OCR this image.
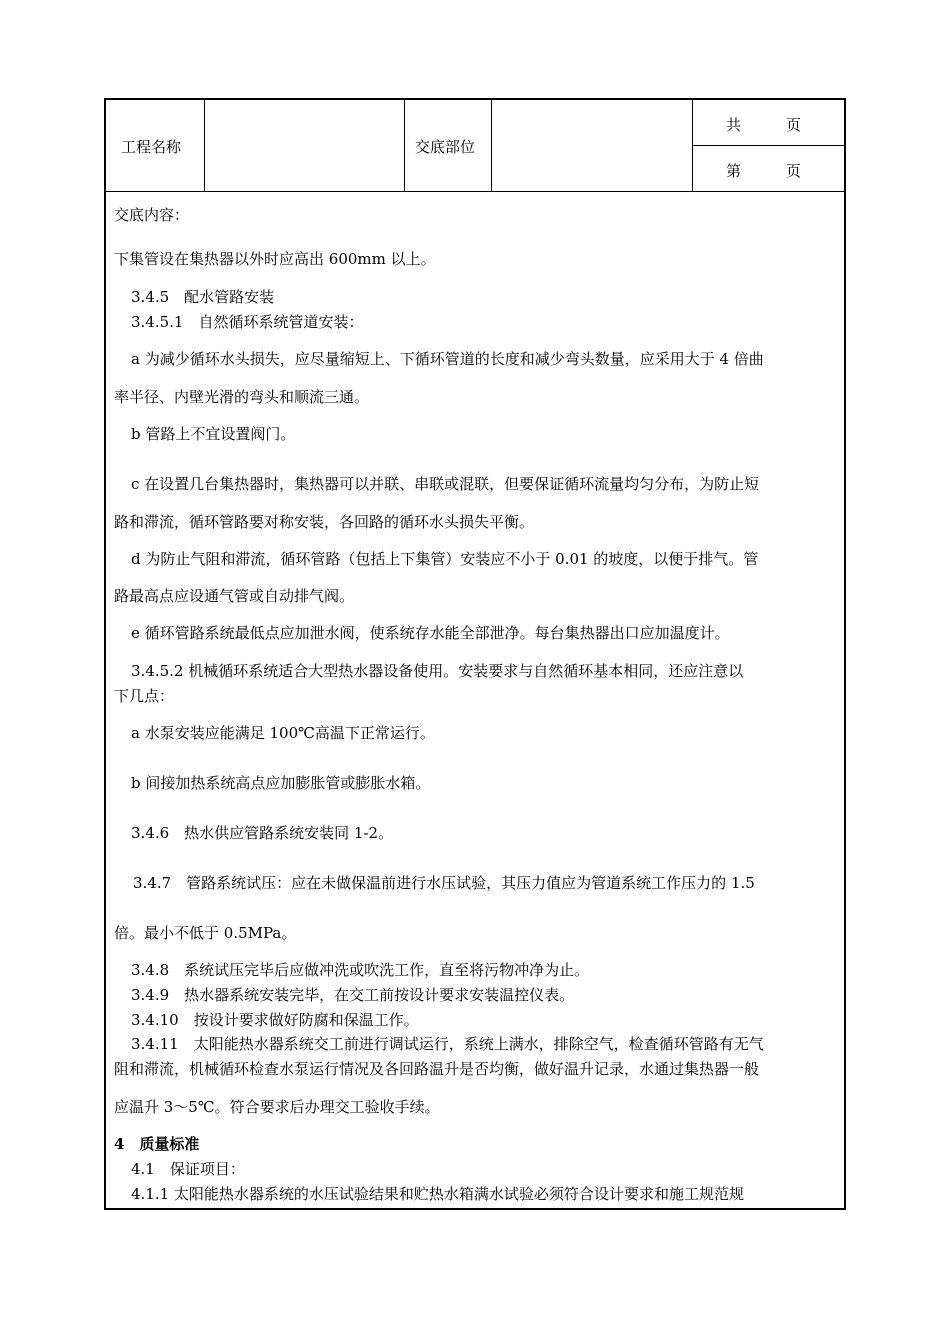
工程名称	交底部位
共　　　页
第　　　页
交底内容：
下集管设在集热器以外时应高出 600mm 以上。
3.4.5　配水管路安装
3.4.5.1　自然循环系统管道安装：
a 为减少循环水头损失，应尽量缩短上、下循环管道的长度和减少弯头数量，应采用大于 4 倍曲
率半径、内壁光滑的弯头和顺流三通。
b 管路上不宜设置阀门。
c 在设置几台集热器时，集热器可以并联、串联或混联，但要保证循环流量均匀分布，为防止短
路和滞流，循环管路要对称安装，各回路的循环水头损失平衡。
d 为防止气阻和滞流，循环管路（包括上下集管）安装应不小于 0.01 的坡度，以便于排气。管
路最高点应设通气管或自动排气阀。
e 循环管路系统最低点应加泄水阀，使系统存水能全部泄净。每台集热器出口应加温度计。
3.4.5.2 机械循环系统适合大型热水器设备使用。安装要求与自然循环基本相同，还应注意以
下几点：
a 水泵安装应能满足 100℃高温下正常运行。
b 间接加热系统高点应加膨胀管或膨胀水箱。
3.4.6　热水供应管路系统安装同 1-2。
3.4.7　管路系统试压：应在未做保温前进行水压试验，其压力值应为管道系统工作压力的 1.5
倍。最小不低于 0.5MPa。
3.4.8　系统试压完毕后应做冲洗或吹洗工作，直至将污物冲净为止。
3.4.9　热水器系统安装完毕，在交工前按设计要求安装温控仪表。
3.4.10　按设计要求做好防腐和保温工作。
3.4.11　太阳能热水器系统交工前进行调试运行，系统上满水，排除空气，检查循环管路有无气
阻和滞流，机械循环检查水泵运行情况及各回路温升是否均衡，做好温升记录，水通过集热器一般
应温升 3～5℃。符合要求后办理交工验收手续。
4　质量标准
4.1　保证项目：
4.1.1 太阳能热水器系统的水压试验结果和贮热水箱满水试验必须符合设计要求和施工规范规
